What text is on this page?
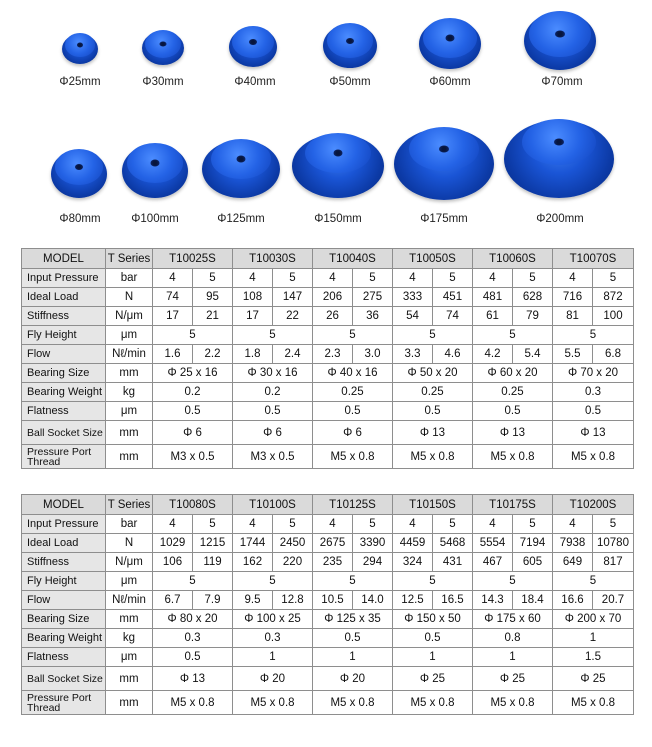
Φ25mm	Φ30mm	Φ40mm	Φ50mm	Φ60mm	Φ70mm
Φ80mm	Φ100mm	Φ125mm	Φ150mm	Φ175mm	Φ200mm
MODEL	T Series	T10025S		T10030S		T10040S		T10050S		T10060S		T10070S	
Input Pressure	bar	4	5	4	5	4	5	4	5	4	5	4	5
Ideal Load	N	74	95	108	147	206	275	333	451	481	628	716	872
Stiffness	N/μm	17	21	17	22	26	36	54	74	61	79	81	100
Fly Height	μm	5		5		5		5		5		5	
Flow	Nℓ/min	1.6	2.2	1.8	2.4	2.3	3.0	3.3	4.6	4.2	5.4	5.5	6.8
Bearing Size	mm	Φ 25 x 16		Φ 30 x 16		Φ 40 x 16		Φ 50 x 20		Φ 60 x 20		Φ 70 x 20	
Bearing Weight	kg	0.2		0.2		0.25		0.25		0.25		0.3	
Flatness	μm	0.5		0.5		0.5		0.5		0.5		0.5	
Ball Socket Size	mm	Φ 6		Φ 6		Φ 6		Φ 13		Φ 13		Φ 13	
Pressure Port Thread	mm	M3 x 0.5		M3 x 0.5		M5 x 0.8		M5 x 0.8		M5 x 0.8		M5 x 0.8	
MODEL	T Series	T10080S		T10100S		T10125S		T10150S		T10175S		T10200S	
Input Pressure	bar	4	5	4	5	4	5	4	5	4	5	4	5
Ideal Load	N	1029	1215	1744	2450	2675	3390	4459	5468	5554	7194	7938	10780
Stiffness	N/μm	106	119	162	220	235	294	324	431	467	605	649	817
Fly Height	μm	5		5		5		5		5		5	
Flow	Nℓ/min	6.7	7.9	9.5	12.8	10.5	14.0	12.5	16.5	14.3	18.4	16.6	20.7
Bearing Size	mm	Φ 80 x 20		Φ 100 x 25		Φ 125 x 35		Φ 150 x 50		Φ 175 x 60		Φ 200 x 70	
Bearing Weight	kg	0.3		0.3		0.5		0.5		0.8		1	
Flatness	μm	0.5		1		1		1		1		1.5	
Ball Socket Size	mm	Φ 13		Φ 20		Φ 20		Φ 25		Φ 25		Φ 25	
Pressure Port Thread	mm	M5 x 0.8		M5 x 0.8		M5 x 0.8		M5 x 0.8		M5 x 0.8		M5 x 0.8	
